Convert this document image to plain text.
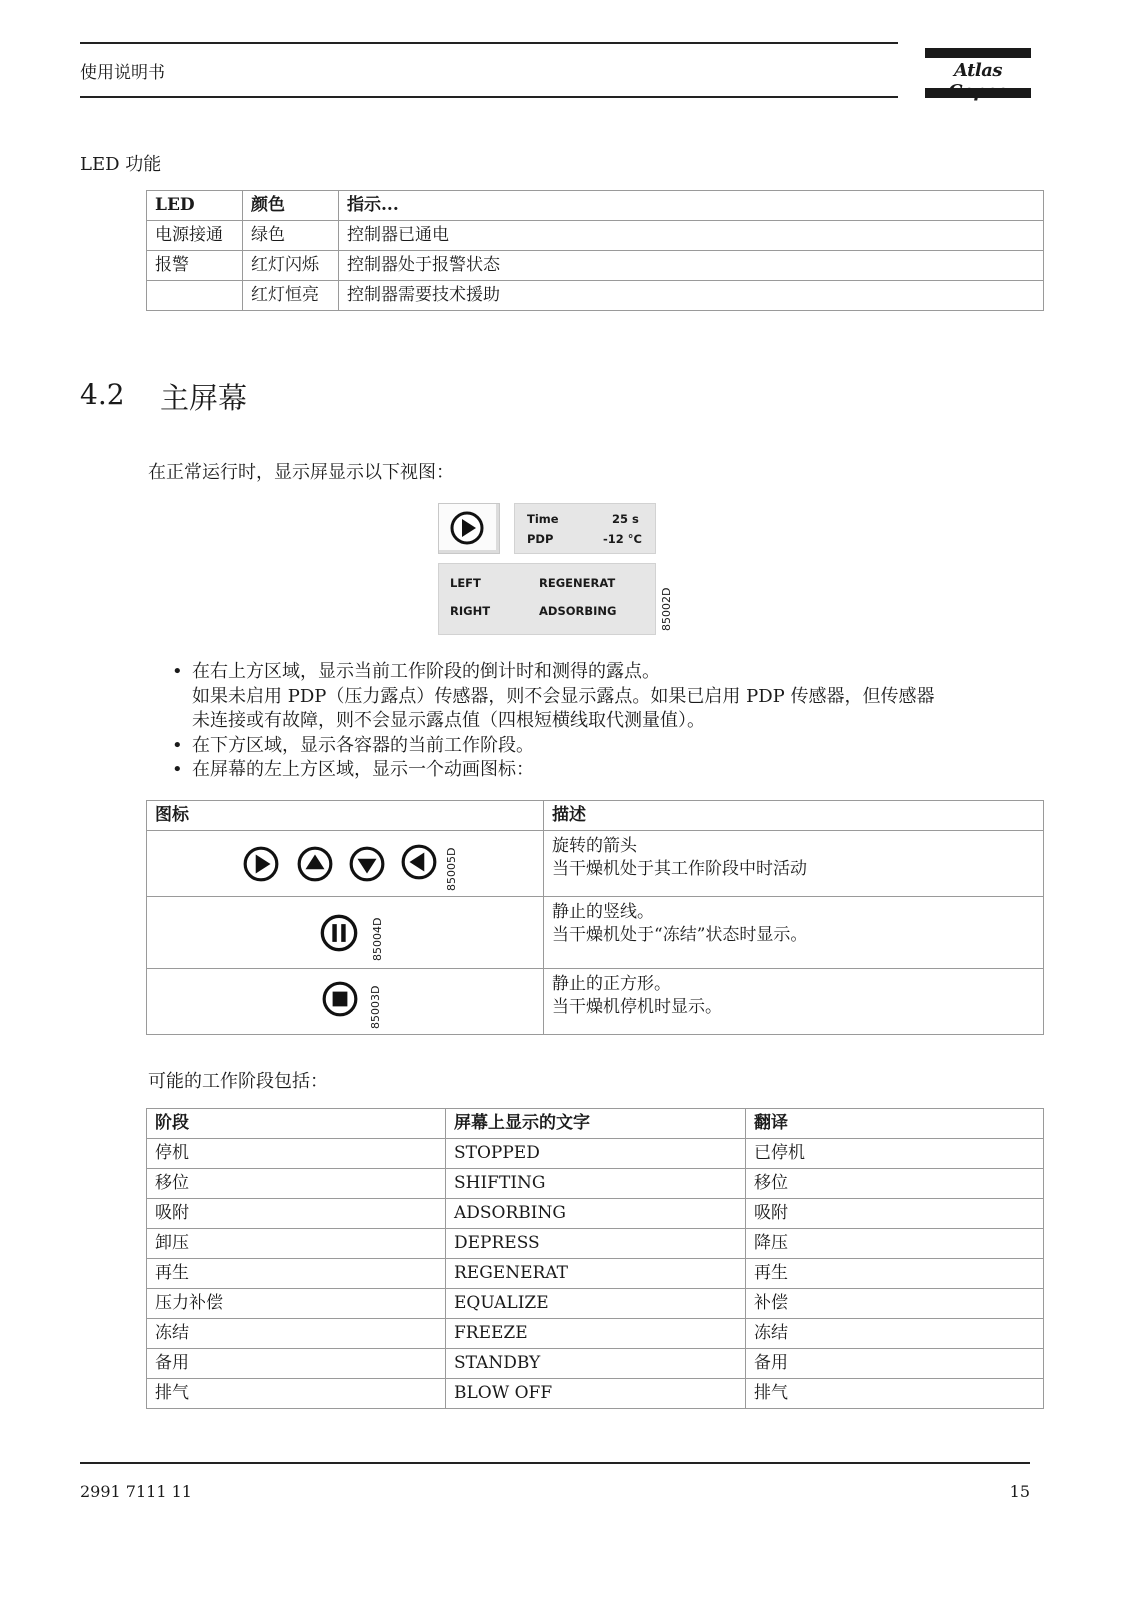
使用说明书	Atlas
LED 功能
LED	颜色	指示...
电源接通	绿色	控制器已通电
报警	红灯闪烁	控制器处于报警状态
	红灯恒亮	控制器需要技术援助
4.2 主屏幕
在正常运行时，显示屏显示以下视图：
Time	25 s
PDP	-12 °C
LEFT	REGENERAT
RIGHT	ADSORBING	85002D
• 在右上方区域，显示当前工作阶段的倒计时和测得的露点。
如果未启用 PDP（压力露点）传感器，则不会显示露点。如果已启用 PDP 传感器，但传感器
未连接或有故障，则不会显示露点值（四根短横线取代测量值）。
• 在下方区域，显示各容器的当前工作阶段。
• 在屏幕的左上方区域，显示一个动画图标：
图标	描述

85005D	旋转的箭头
当干燥机处于其工作阶段中时活动

85004D	静止的竖线。
当干燥机处于“冻结”状态时显示。

85003D	静止的正方形。
当干燥机停机时显示。
可能的工作阶段包括：
阶段	屏幕上显示的文字	翻译
停机	STOPPED	已停机
移位	SHIFTING	移位
吸附	ADSORBING	吸附
卸压	DEPRESS	降压
再生	REGENERAT	再生
压力补偿	EQUALIZE	补偿
冻结	FREEZE	冻结
备用	STANDBY	备用
排气	BLOW OFF	排气
2991 7111 11	15
